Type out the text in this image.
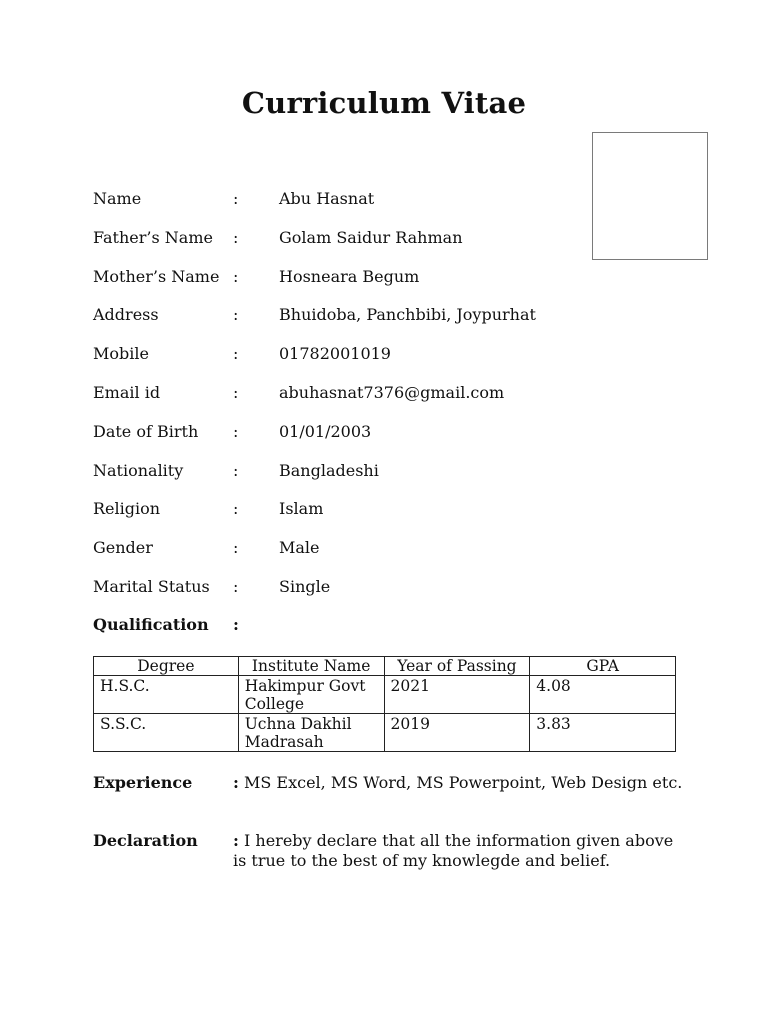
Curriculum Vitae
Name	:	Abu Hasnat
Father’s Name :	Golam Saidur Rahman
Mother’s Name :	Hosneara Begum
Address	:	Bhuidoba, Panchbibi, Joypurhat
Mobile	:	01782001019
Email id	:	abuhasnat7376@gmail.com
Date of Birth :	01/01/2003
Nationality	:	Bangladeshi
Religion	:	Islam
Gender	:	Male
Marital Status :	Single
Qualification :
Degree	Institute Name	Year of Passing	GPA
H.S.C.	Hakimpur Govt College	2021	4.08
S.S.C.	Uchna Dakhil Madrasah	2019	3.83
Experience	: MS Excel, MS Word, MS Powerpoint, Web Design etc.
Declaration : I hereby declare that all the information given above is true to the best of my knowlegde and belief.
